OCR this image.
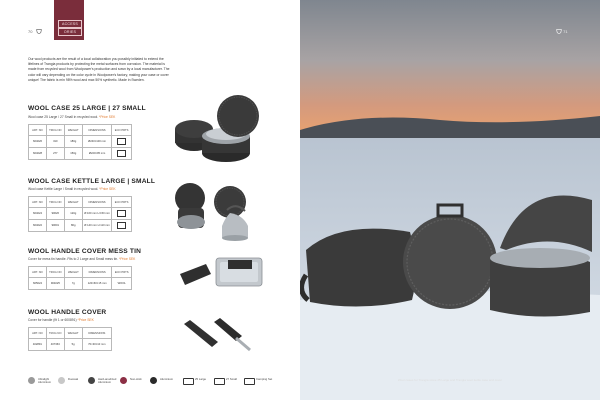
70
ACCESS
ORIES
Our wool products are the result of a local collaboration you possibly initiated to extend the lifelines of Trangia products by protecting the metal surfaces from corrosion. The material is made from recycled wool from Woolpower's production and sown by a local manufacturer. The color will vary depending on the color cycle in Woolpower's factory, making your case or cover unique! The fabric is min 98% wool and max 50% synthetic. Made in Sweden.
WOOL CASE 25 LARGE | 27 SMALL
Wool case 25 Large / 27 Small in recycled wool. *Price SEK
ART. NO	TRCG NO	WEIGHT	DIMENSIONS	ECO PRTS
604026	310	180g	Ø240×100 mm	
604028	277	150g	Ø220×95 mm	
WOOL CASE KETTLE LARGE | SMALL
Wool case Kettle Large / Small in recycled wool. *Price SEK
ART. NO	TRCG NO	WEIGHT	DIMENSIONS	ECO PRTS
604024	90626	120g	Ø 160 mm H 150 mm	
604022	90601	80g	Ø 140 mm H 110 mm	
WOOL HANDLE COVER MESS TIN
Cover for mess tin handle. Fits to 2 Large and Small mess tin. *Price SEK
ART. NO	TRCG NO	WEIGHT	DIMENSIONS	ECO PRTS
605024	904025	7g	120×60×15 mm	WOOL
WOOL HANDLE COVER
Cover for handle (fit 1 or 600891) *Price SEK
ART. NO	TRCG NO	WEIGHT	DIMENSIONS
402891	407363	5g	70×30×10 mm
Ultralight Aluminium
Duossal	Hard-anodized Aluminium
Non-stick	Aluminium	25 Large	27 Small	Camping Set
71
Wool cases for Trangia stove 25 Large and Trangia wool kettle case and cover
